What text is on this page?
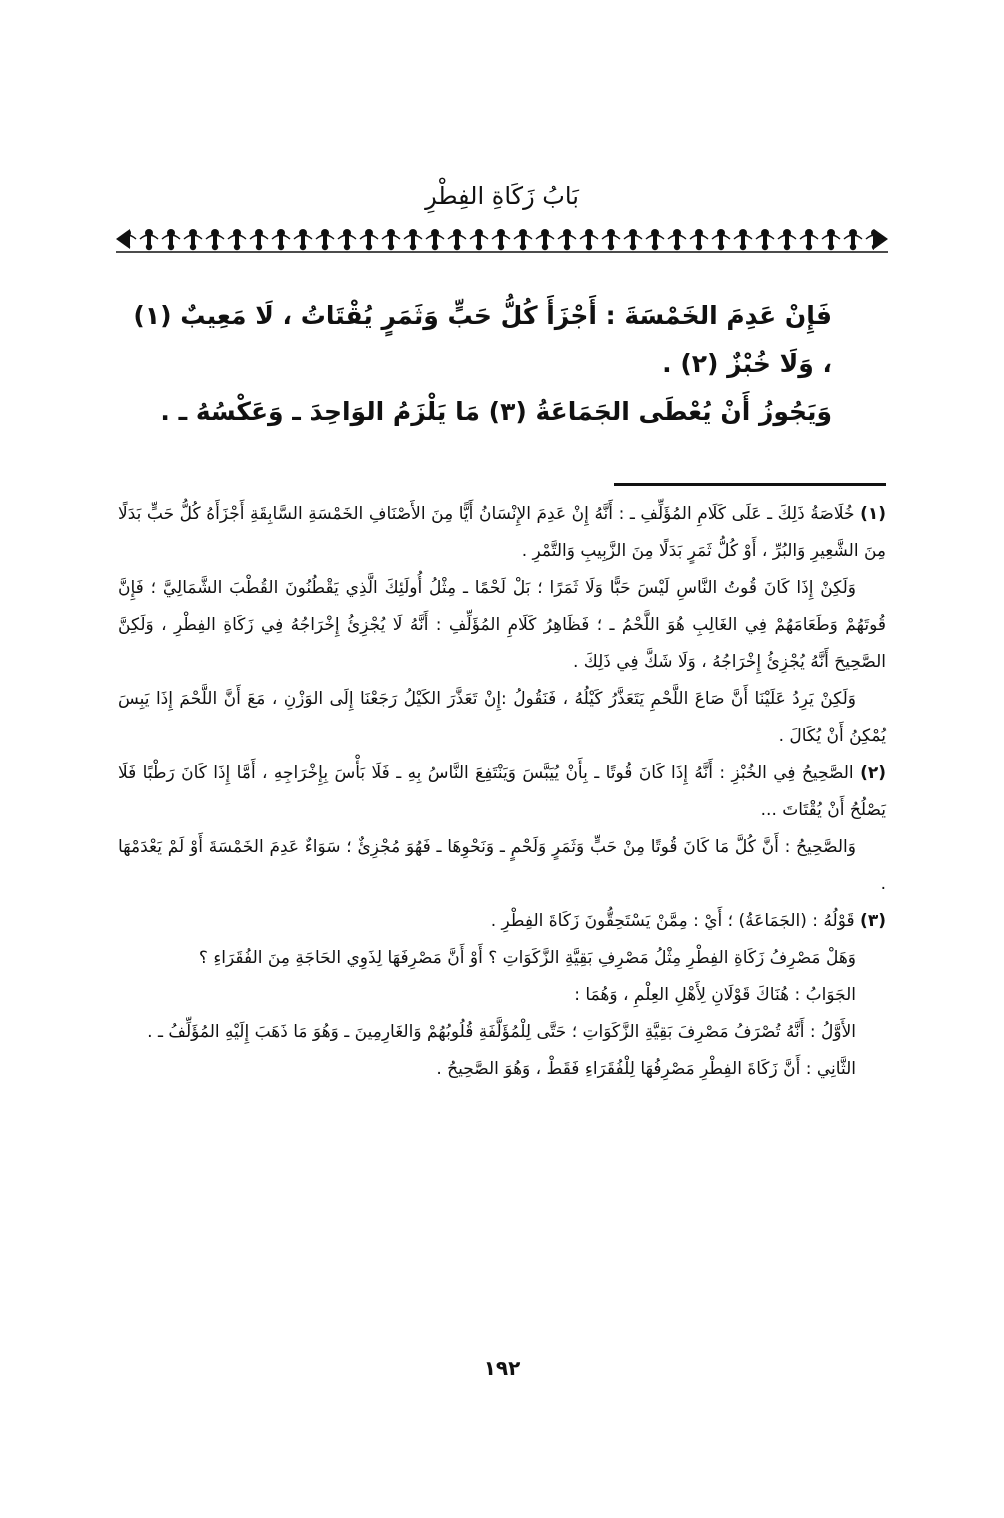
بَابُ زَكَاةِ الفِطْرِ

فَإِنْ عَدِمَ الخَمْسَةَ : أَجْزَأَ كُلُّ حَبٍّ وَثَمَرٍ يُقْتَاتُ ، لَا مَعِيبٌ (١) ، وَلَا خُبْزٌ (٢) .

وَيَجُوزُ أَنْ يُعْطَى الجَمَاعَةُ (٣) مَا يَلْزَمُ الوَاحِدَ ـ وَعَكْسُهُ ـ .

(١) خُلَاصَةُ ذَلِكَ ـ عَلَى كَلَامِ المُؤَلِّفِ ـ : أَنَّهُ إِنْ عَدِمَ الإِنْسَانُ أَيًّا مِنَ الأَصْنَافِ الخَمْسَةِ السَّابِقَةِ أَجْزَأَهُ كُلُّ حَبٍّ بَدَلًا مِنَ الشَّعِيرِ وَالبُرِّ ، أَوْ كُلُّ ثَمَرٍ بَدَلًا مِنَ الزَّبِيبِ وَالتَّمْرِ .

وَلَكِنْ إِذَا كَانَ قُوتُ النَّاسِ لَيْسَ حَبًّا وَلَا ثَمَرًا ؛ بَلْ لَحْمًا ـ مِثْلُ أُولَئِكَ الَّذِي يَقْطُنُونَ القُطْبَ الشَّمَالِيَّ ؛ فَإِنَّ قُوتَهُمْ وَطَعَامَهُمْ فِي الغَالِبِ هُوَ اللَّحْمُ ـ ؛ فَظَاهِرُ كَلَامِ المُؤَلِّفِ : أَنَّهُ لَا يُجْزِئُ إِخْرَاجُهُ فِي زَكَاةِ الفِطْرِ ، وَلَكِنَّ الصَّحِيحَ أَنَّهُ يُجْزِئُ إِخْرَاجُهُ ، وَلَا شَكَّ فِي ذَلِكَ .

وَلَكِنْ يَرِدُ عَلَيْنَا أَنَّ صَاعَ اللَّحْمِ يَتَعَذَّرُ كَيْلُهُ ، فَنَقُولُ :إِنْ تَعَذَّرَ الكَيْلُ رَجَعْنَا إِلَى الوَزْنِ ، مَعَ أَنَّ اللَّحْمَ إِذَا يَبِسَ يُمْكِنُ أَنْ يُكَالَ .

(٢) الصَّحِيحُ فِي الخُبْزِ : أَنَّهُ إِذَا كَانَ قُوتًا ـ بِأَنْ يُيَبَّسَ وَيَنْتَفِعَ النَّاسُ بِهِ ـ فَلَا بَأْسَ بِإِخْرَاجِهِ ، أَمَّا إِذَا كَانَ رَطْبًا فَلَا يَصْلُحُ أَنْ يُقْتَاتَ ...

وَالصَّحِيحُ : أَنَّ كُلَّ مَا كَانَ قُوتًا مِنْ حَبٍّ وَثَمَرٍ وَلَحْمٍ ـ وَنَحْوِهَا ـ فَهُوَ مُجْزِئٌ ؛ سَوَاءٌ عَدِمَ الخَمْسَةَ أَوْ لَمْ يَعْدَمْهَا .

(٣) قَوْلُهُ : (الجَمَاعَةُ) ؛ أَيْ : مِمَّنْ يَسْتَحِقُّونَ زَكَاةَ الفِطْرِ .

وَهَلْ مَصْرِفُ زَكَاةِ الفِطْرِ مِثْلُ مَصْرِفِ بَقِيَّةِ الزَّكَوَاتِ ؟ أَوْ أَنَّ مَصْرِفَهَا لِذَوِي الحَاجَةِ مِنَ الفُقَرَاءِ ؟

الجَوَابُ : هُنَاكَ قَوْلَانِ لِأَهْلِ العِلْمِ ، وَهُمَا :

الأَوَّلُ : أَنَّهُ تُصْرَفُ مَصْرِفَ بَقِيَّةِ الزَّكَوَاتِ ؛ حَتَّى لِلْمُؤَلَّفَةِ قُلُوبُهُمْ وَالغَارِمِينَ ـ وَهُوَ مَا ذَهَبَ إِلَيْهِ المُؤَلِّفُ ـ .

الثَّانِي : أَنَّ زَكَاةَ الفِطْرِ مَصْرِفُهَا لِلْفُقَرَاءِ فَقَطْ ، وَهُوَ الصَّحِيحُ .

١٩٢
